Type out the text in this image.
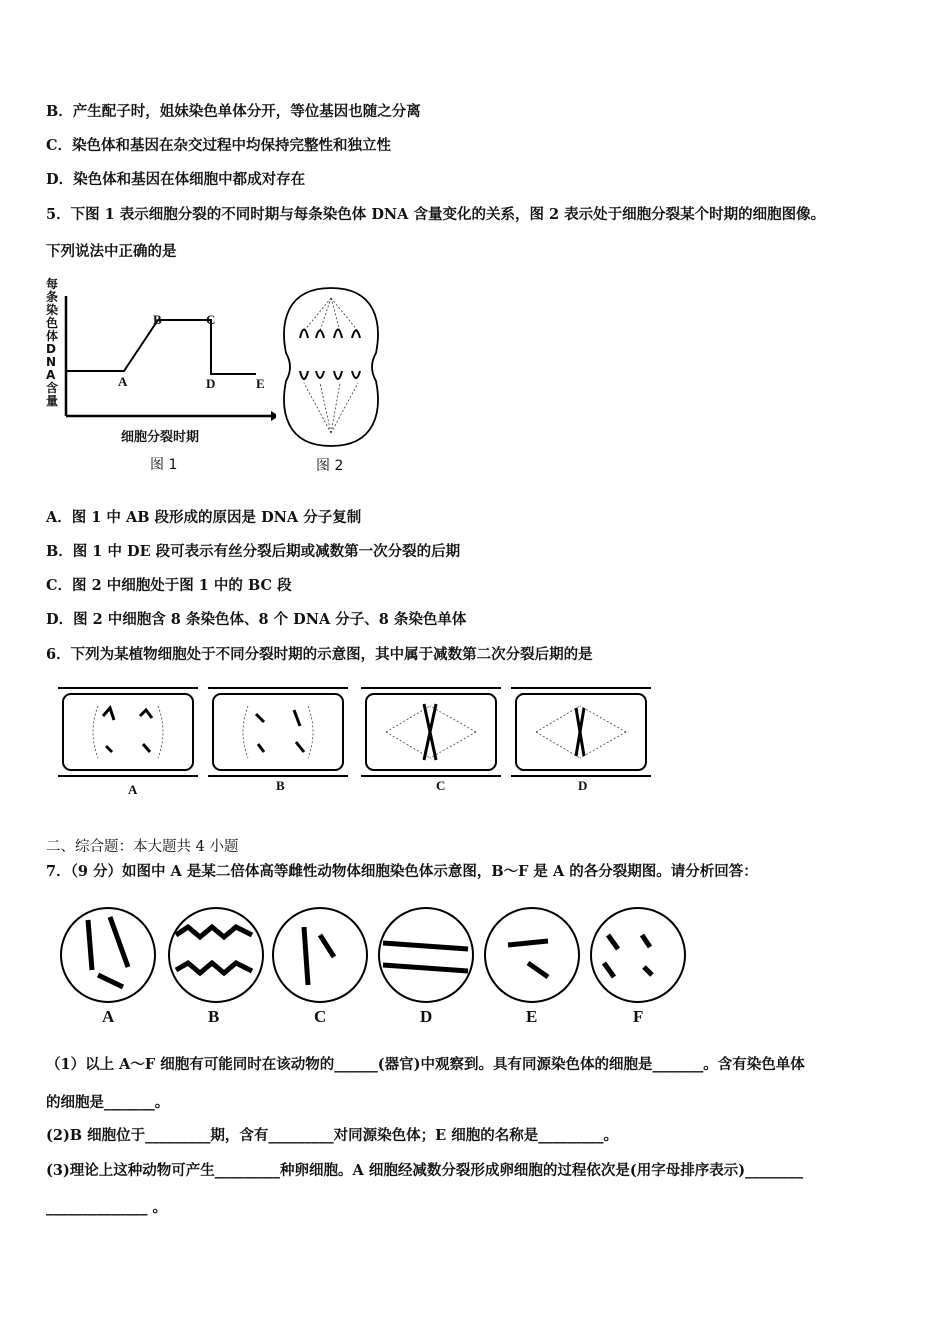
B．产生配子时，姐妹染色单体分开，等位基因也随之分离
C．染色体和基因在杂交过程中均保持完整性和独立性
D．染色体和基因在体细胞中都成对存在
5．下图 1 表示细胞分裂的不同时期与每条染色体 DNA 含量变化的关系，图 2 表示处于细胞分裂某个时期的细胞图像。
下列说法中正确的是
每条染色体DNA含量
A
B	C
D	E
细胞分裂时期
图 1	图 2
A．图 1 中 AB 段形成的原因是 DNA 分子复制
B．图 1 中 DE 段可表示有丝分裂后期或减数第一次分裂的后期
C．图 2 中细胞处于图 1 中的 BC 段
D．图 2 中细胞含 8 条染色体、8 个 DNA 分子、8 条染色单体
6．下列为某植物细胞处于不同分裂时期的示意图，其中属于减数第二次分裂后期的是
A	B	C	D
二、综合题：本大题共 4 小题
7．（9 分）如图中 A 是某二倍体高等雌性动物体细胞染色体示意图，B～F 是 A 的各分裂期图。请分析回答：
A	B	C	D	E	F
（1）以上 A～F 细胞有可能同时在该动物的______(器官)中观察到。具有同源染色体的细胞是_______。含有染色单体
的细胞是_______。
(2)B 细胞位于_________期，含有_________对同源染色体；E 细胞的名称是_________。
(3)理论上这种动物可产生_________种卵细胞。A 细胞经减数分裂形成卵细胞的过程依次是(用字母排序表示)________
______________ 。
